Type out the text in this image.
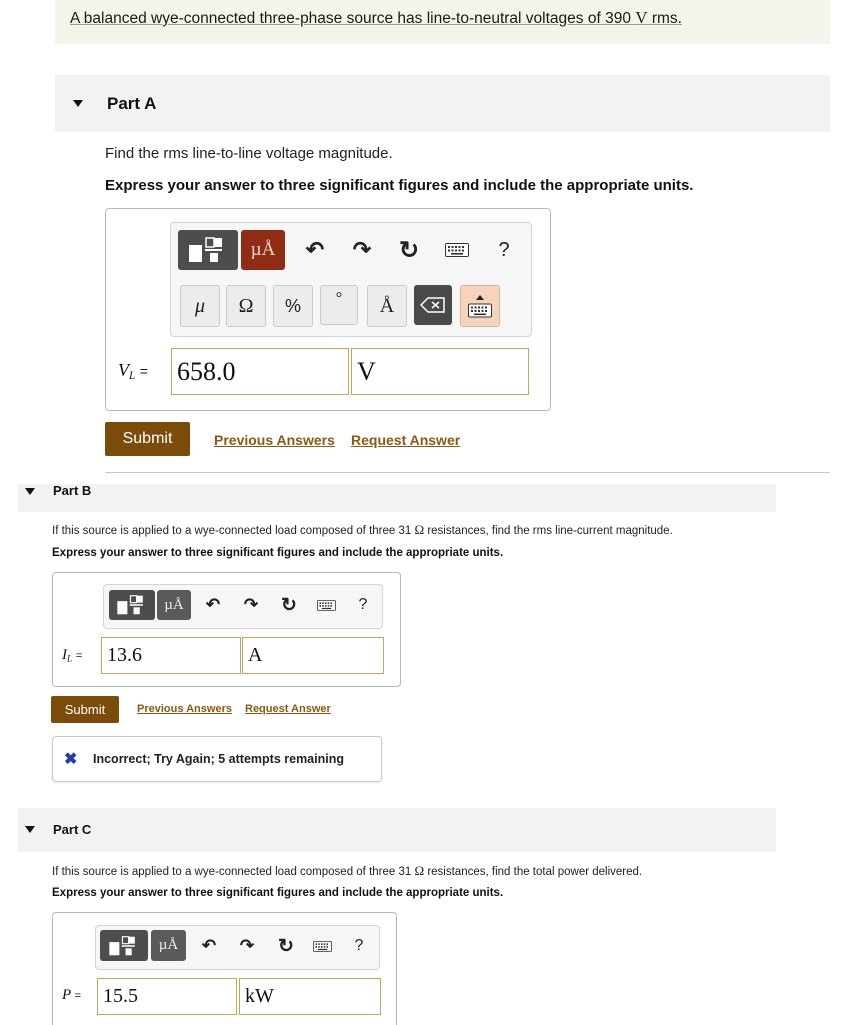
A balanced wye-connected three-phase source has line-to-neutral voltages of 390 V rms.
Part A
Find the rms line-to-line voltage magnitude.
Express your answer to three significant figures and include the appropriate units.
µÅ	↶ ↷ ↻	?
μ	Ω	%	°	Å
$V_L = 658.0$	V
Submit	Previous Answers Request Answer
Part B
If this source is applied to a wye-connected load composed of three 31 Ω resistances, find the rms line-current magnitude.
Express your answer to three significant figures and include the appropriate units.
µÅ	↶ ↷ ↻	?
$I_L$ =	13.6	A
Submit	Previous Answers Request Answer
✖ Incorrect; Try Again; 5 attempts remaining
Part C
If this source is applied to a wye-connected load composed of three 31 Ω resistances, find the total power delivered.
Express your answer to three significant figures and include the appropriate units.
µÅ	↶ ↷ ↻	?
P =	15.5	kW
